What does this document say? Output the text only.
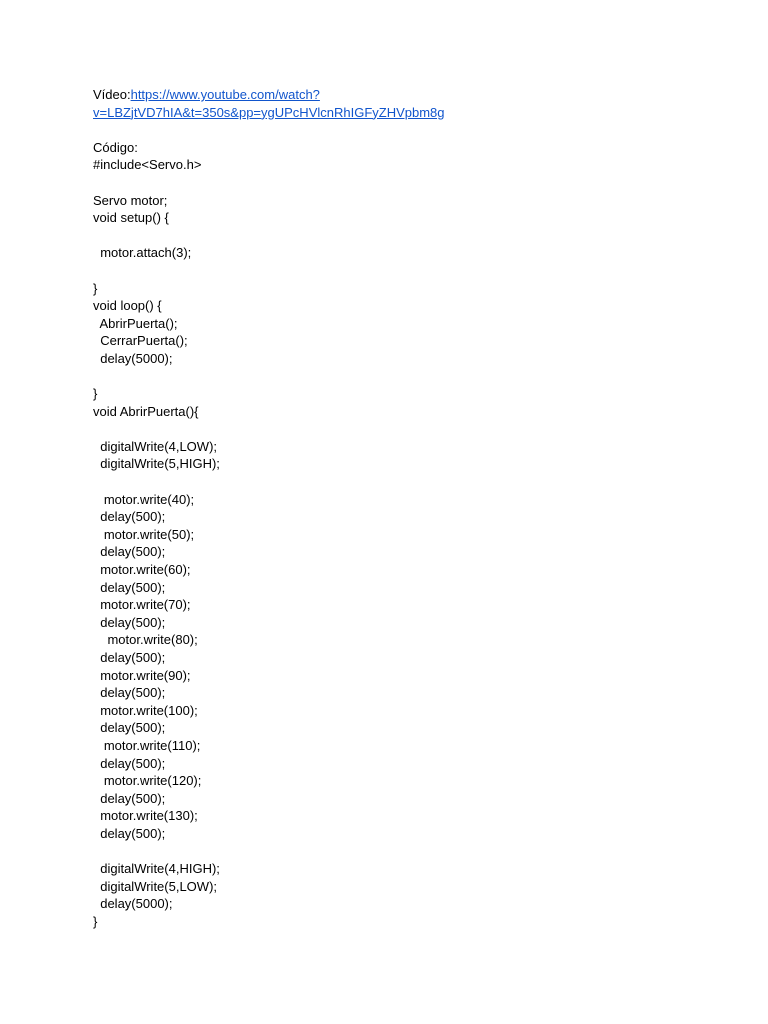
Vídeo:https://www.youtube.com/watch?
v=LBZjtVD7hIA&t=350s&pp=ygUPcHVlcnRhIGFyZHVpbm8g
Código:
#include<Servo.h>
Servo motor;
void setup() {
motor.attach(3);
}
void loop() {
AbrirPuerta();
CerrarPuerta();
delay(5000);
}
void AbrirPuerta(){
digitalWrite(4,LOW);
digitalWrite(5,HIGH);
motor.write(40);
delay(500);
motor.write(50);
delay(500);
motor.write(60);
delay(500);
motor.write(70);
delay(500);
motor.write(80);
delay(500);
motor.write(90);
delay(500);
motor.write(100);
delay(500);
motor.write(110);
delay(500);
motor.write(120);
delay(500);
motor.write(130);
delay(500);
digitalWrite(4,HIGH);
digitalWrite(5,LOW);
delay(5000);
}
